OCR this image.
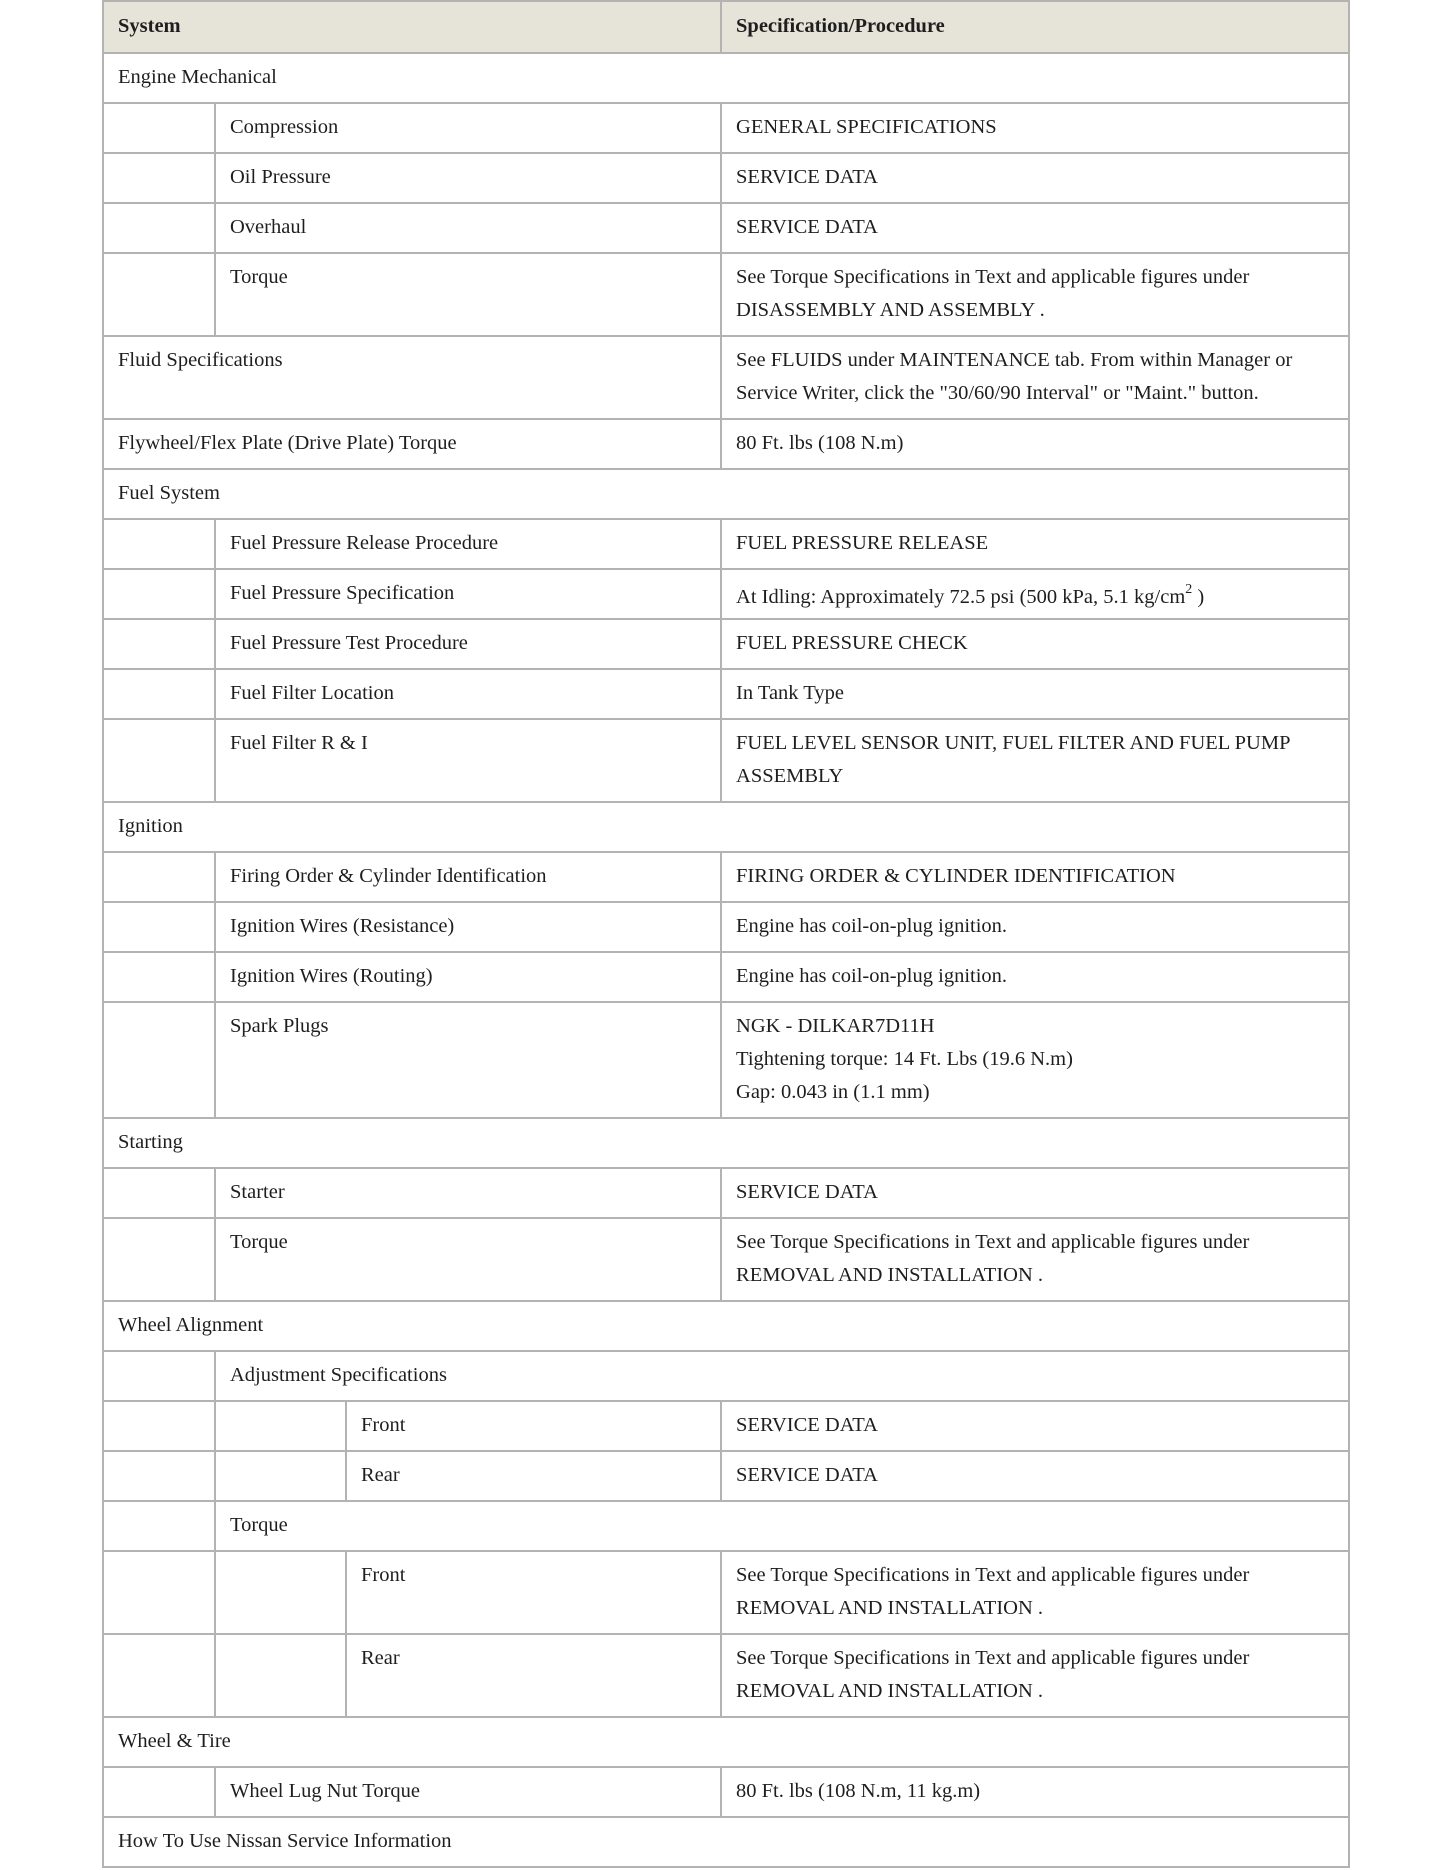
System			Specification/Procedure
Engine Mechanical			
	Compression		GENERAL SPECIFICATIONS
	Oil Pressure		SERVICE DATA
	Overhaul		SERVICE DATA
	Torque		See Torque Specifications in Text and applicable figures under DISASSEMBLY AND ASSEMBLY .
Fluid Specifications			See FLUIDS under MAINTENANCE tab. From within Manager or Service Writer, click the "30/60/90 Interval" or "Maint." button.
Flywheel/Flex Plate (Drive Plate) Torque			80 Ft. lbs (108 N.m)
Fuel System			
	Fuel Pressure Release Procedure		FUEL PRESSURE RELEASE
	Fuel Pressure Specification		At Idling: Approximately 72.5 psi (500 kPa, 5.1 $kg/cm^2$ )
	Fuel Pressure Test Procedure		FUEL PRESSURE CHECK
	Fuel Filter Location		In Tank Type
	Fuel Filter R & I		FUEL LEVEL SENSOR UNIT, FUEL FILTER AND FUEL PUMP ASSEMBLY
Ignition			
	Firing Order & Cylinder Identification		FIRING ORDER & CYLINDER IDENTIFICATION
	Ignition Wires (Resistance)		Engine has coil-on-plug ignition.
	Ignition Wires (Routing)		Engine has coil-on-plug ignition.
	Spark Plugs		NGK - DILKAR7D11H
Tightening torque: 14 Ft. Lbs (19.6 N.m)
Gap: 0.043 in (1.1 mm)

Starting			
	Starter		SERVICE DATA
	Torque		See Torque Specifications in Text and applicable figures under REMOVAL AND INSTALLATION .
Wheel Alignment			
	Adjustment Specifications		
		Front	SERVICE DATA
		Rear	SERVICE DATA
	Torque		
		Front	See Torque Specifications in Text and applicable figures under REMOVAL AND INSTALLATION .
		Rear	See Torque Specifications in Text and applicable figures under REMOVAL AND INSTALLATION .
Wheel & Tire			
	Wheel Lug Nut Torque		80 Ft. lbs (108 N.m, 11 kg.m)
How To Use Nissan Service Information			
